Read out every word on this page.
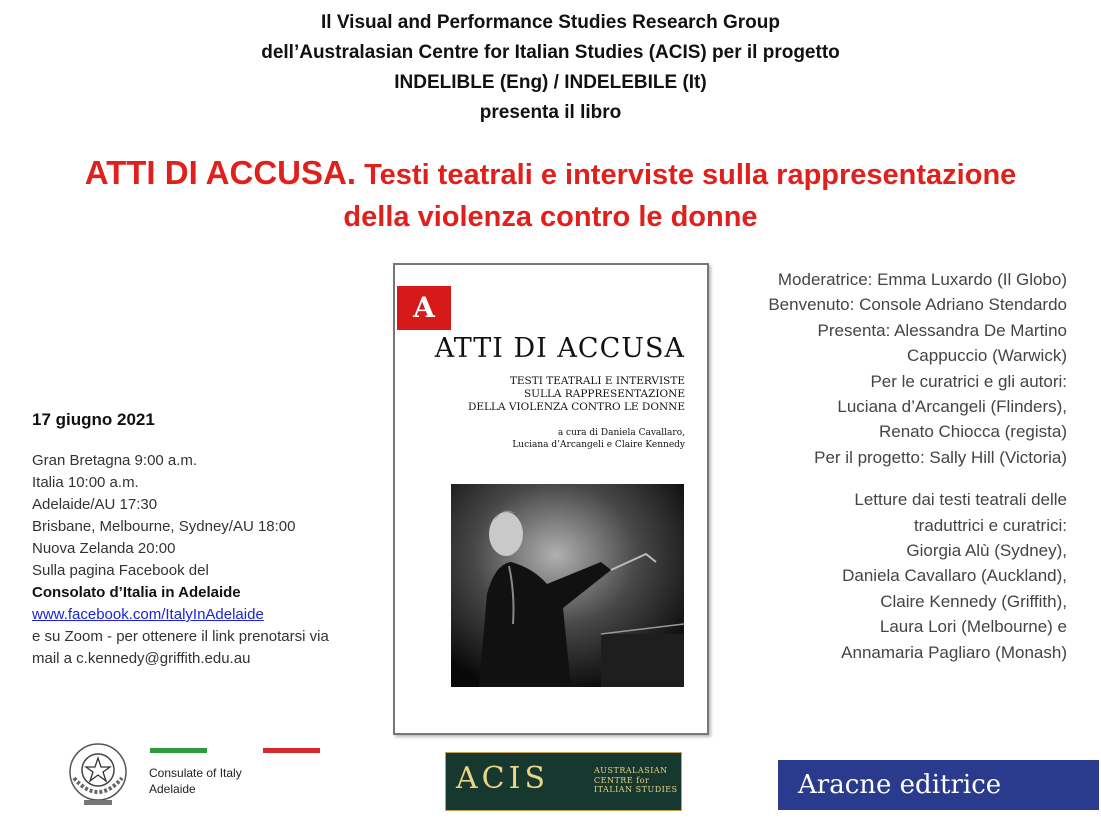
Il Visual and Performance Studies Research Group
dell’Australasian Centre for Italian Studies (ACIS) per il progetto
INDELIBLE (Eng) / INDELEBILE (It)
presenta il libro
ATTI DI ACCUSA. Testi teatrali e interviste sulla rappresentazione
della violenza contro le donne
17 giugno 2021
Gran Bretagna 9:00 a.m.
Italia 10:00 a.m.
Adelaide/AU 17:30
Brisbane, Melbourne, Sydney/AU 18:00
Nuova Zelanda 20:00
Sulla pagina Facebook del
Consolato d’Italia in Adelaide
www.facebook.com/ItalyInAdelaide
e su Zoom - per ottenere il link prenotarsi via
mail a c.kennedy@griffith.edu.au
A
ATTI DI ACCUSA
TESTI TEATRALI E INTERVISTE
SULLA RAPPRESENTAZIONE
DELLA VIOLENZA CONTRO LE DONNE
a cura di Daniela Cavallaro,
Luciana d’Arcangeli e Claire Kennedy
Moderatrice: Emma Luxardo (Il Globo)
Benvenuto: Console Adriano Stendardo
Presenta: Alessandra De Martino
Cappuccio (Warwick)
Per le curatrici e gli autori:
Luciana d’Arcangeli (Flinders),
Renato Chiocca (regista)
Per il progetto: Sally Hill (Victoria)
Letture dai testi teatrali delle
traduttrici e curatrici:
Giorgia Alù (Sydney),
Daniela Cavallaro (Auckland),
Claire Kennedy (Griffith),
Laura Lori (Melbourne) e
Annamaria Pagliaro (Monash)
Consulate of Italy
Adelaide	ACIS	AUSTRALASIAN
CENTRE for
ITALIAN STUDIES	Aracne editrice
